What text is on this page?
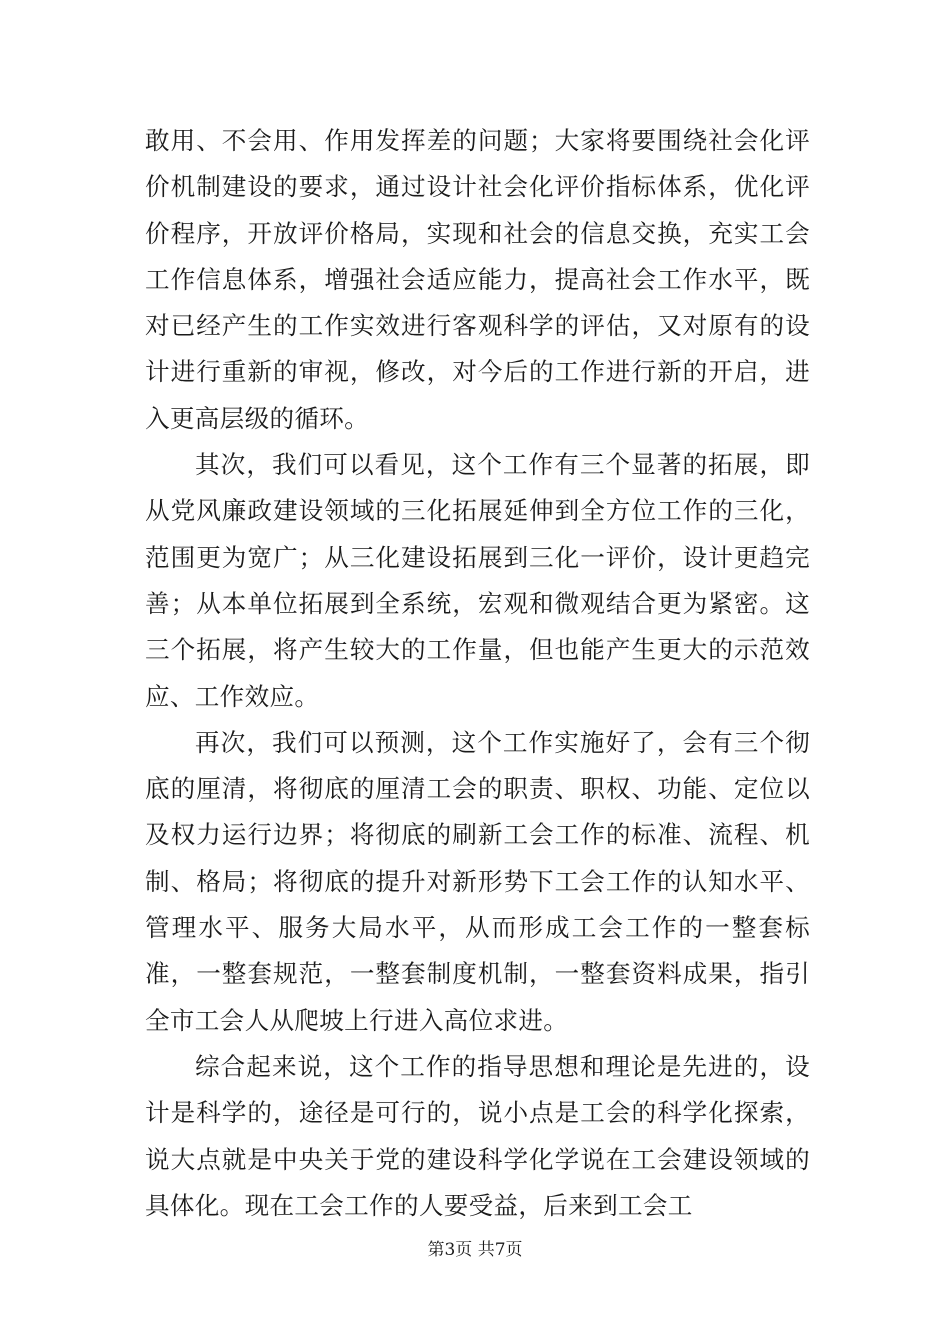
敢用、不会用、作用发挥差的问题；大家将要围绕社会化评价机制建设的要求，通过设计社会化评价指标体系，优化评价程序，开放评价格局，实现和社会的信息交换，充实工会工作信息体系，增强社会适应能力，提高社会工作水平，既对已经产生的工作实效进行客观科学的评估，又对原有的设计进行重新的审视，修改，对今后的工作进行新的开启，进入更高层级的循环。

其次，我们可以看见，这个工作有三个显著的拓展，即从党风廉政建设领域的三化拓展延伸到全方位工作的三化，范围更为宽广；从三化建设拓展到三化一评价，设计更趋完善；从本单位拓展到全系统，宏观和微观结合更为紧密。这三个拓展，将产生较大的工作量，但也能产生更大的示范效应、工作效应。

再次，我们可以预测，这个工作实施好了，会有三个彻底的厘清，将彻底的厘清工会的职责、职权、功能、定位以及权力运行边界；将彻底的刷新工会工作的标准、流程、机制、格局；将彻底的提升对新形势下工会工作的认知水平、管理水平、服务大局水平，从而形成工会工作的一整套标准，一整套规范，一整套制度机制，一整套资料成果，指引全市工会人从爬坡上行进入高位求进。

综合起来说，这个工作的指导思想和理论是先进的，设计是科学的，途径是可行的，说小点是工会的科学化探索，说大点就是中央关于党的建设科学化学说在工会建设领域的具体化。现在工会工作的人要受益，后来到工会工

第3页 共7页
